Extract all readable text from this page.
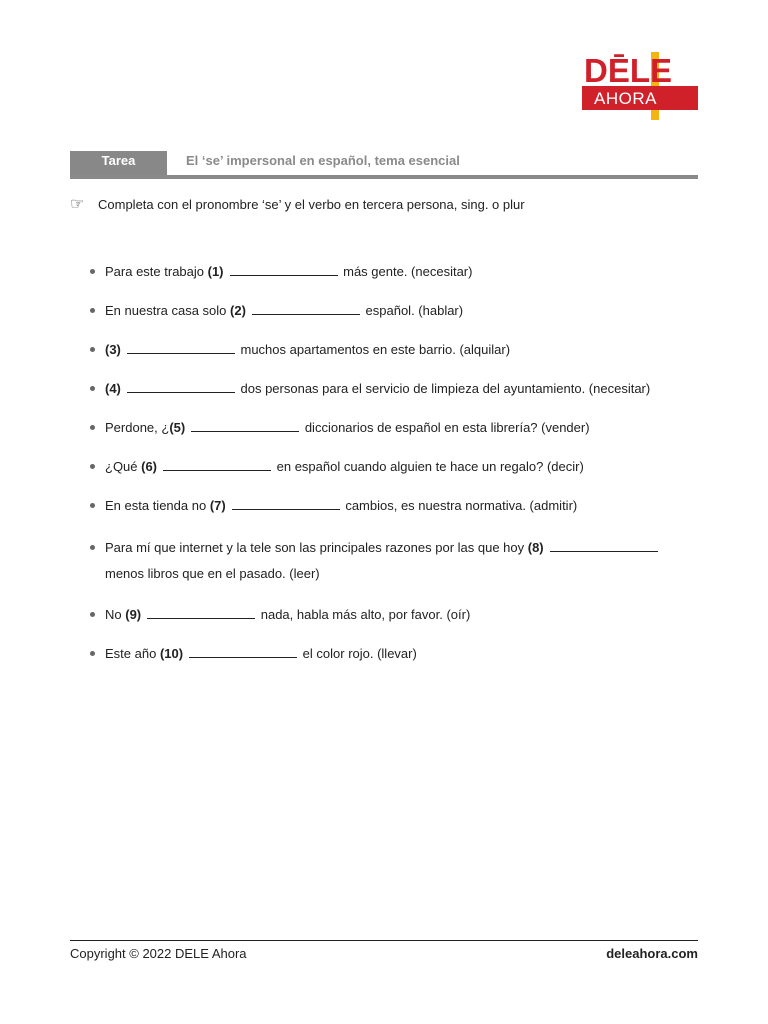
DĒLE
AHORA
Tarea	El ‘se’ impersonal en español, tema esencial
☞ Completa con el pronombre ‘se’ y el verbo en tercera persona, sing. o plur
Para este trabajo (1)	más gente. (necesitar)
En nuestra casa solo (2)	español. (hablar)
(3)	muchos apartamentos en este barrio. (alquilar)
(4)	dos personas para el servicio de limpieza del ayuntamiento. (necesitar)
Perdone, ¿(5)	diccionarios de español en esta librería? (vender)
¿Qué (6)	en español cuando alguien te hace un regalo? (decir)
En esta tienda no (7)	cambios, es nuestra normativa. (admitir)
Para mí que internet y la tele son las principales razones por las que hoy (8) menos libros que en el pasado. (leer)
No (9)	nada, habla más alto, por favor. (oír)
Este año (10)	el color rojo. (llevar)
Copyright © 2022 DELE Ahora	deleahora.com
